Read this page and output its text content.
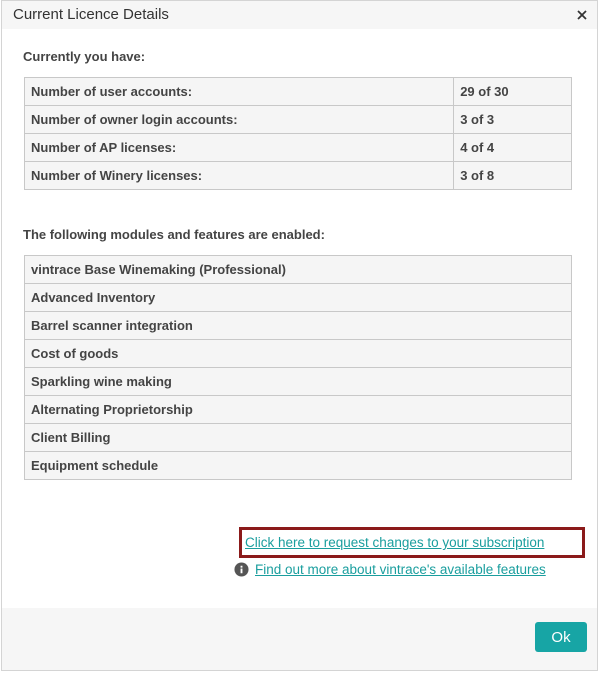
Current Licence Details
Currently you have:
Number of user accounts:	29 of 30
Number of owner login accounts:	3 of 3
Number of AP licenses:	4 of 4
Number of Winery licenses:	3 of 8
The following modules and features are enabled:
vintrace Base Winemaking (Professional)
Advanced Inventory
Barrel scanner integration
Cost of goods
Sparkling wine making
Alternating Proprietorship
Client Billing
Equipment schedule
Click here to request changes to your subscription
Find out more about vintrace's available features
Ok
